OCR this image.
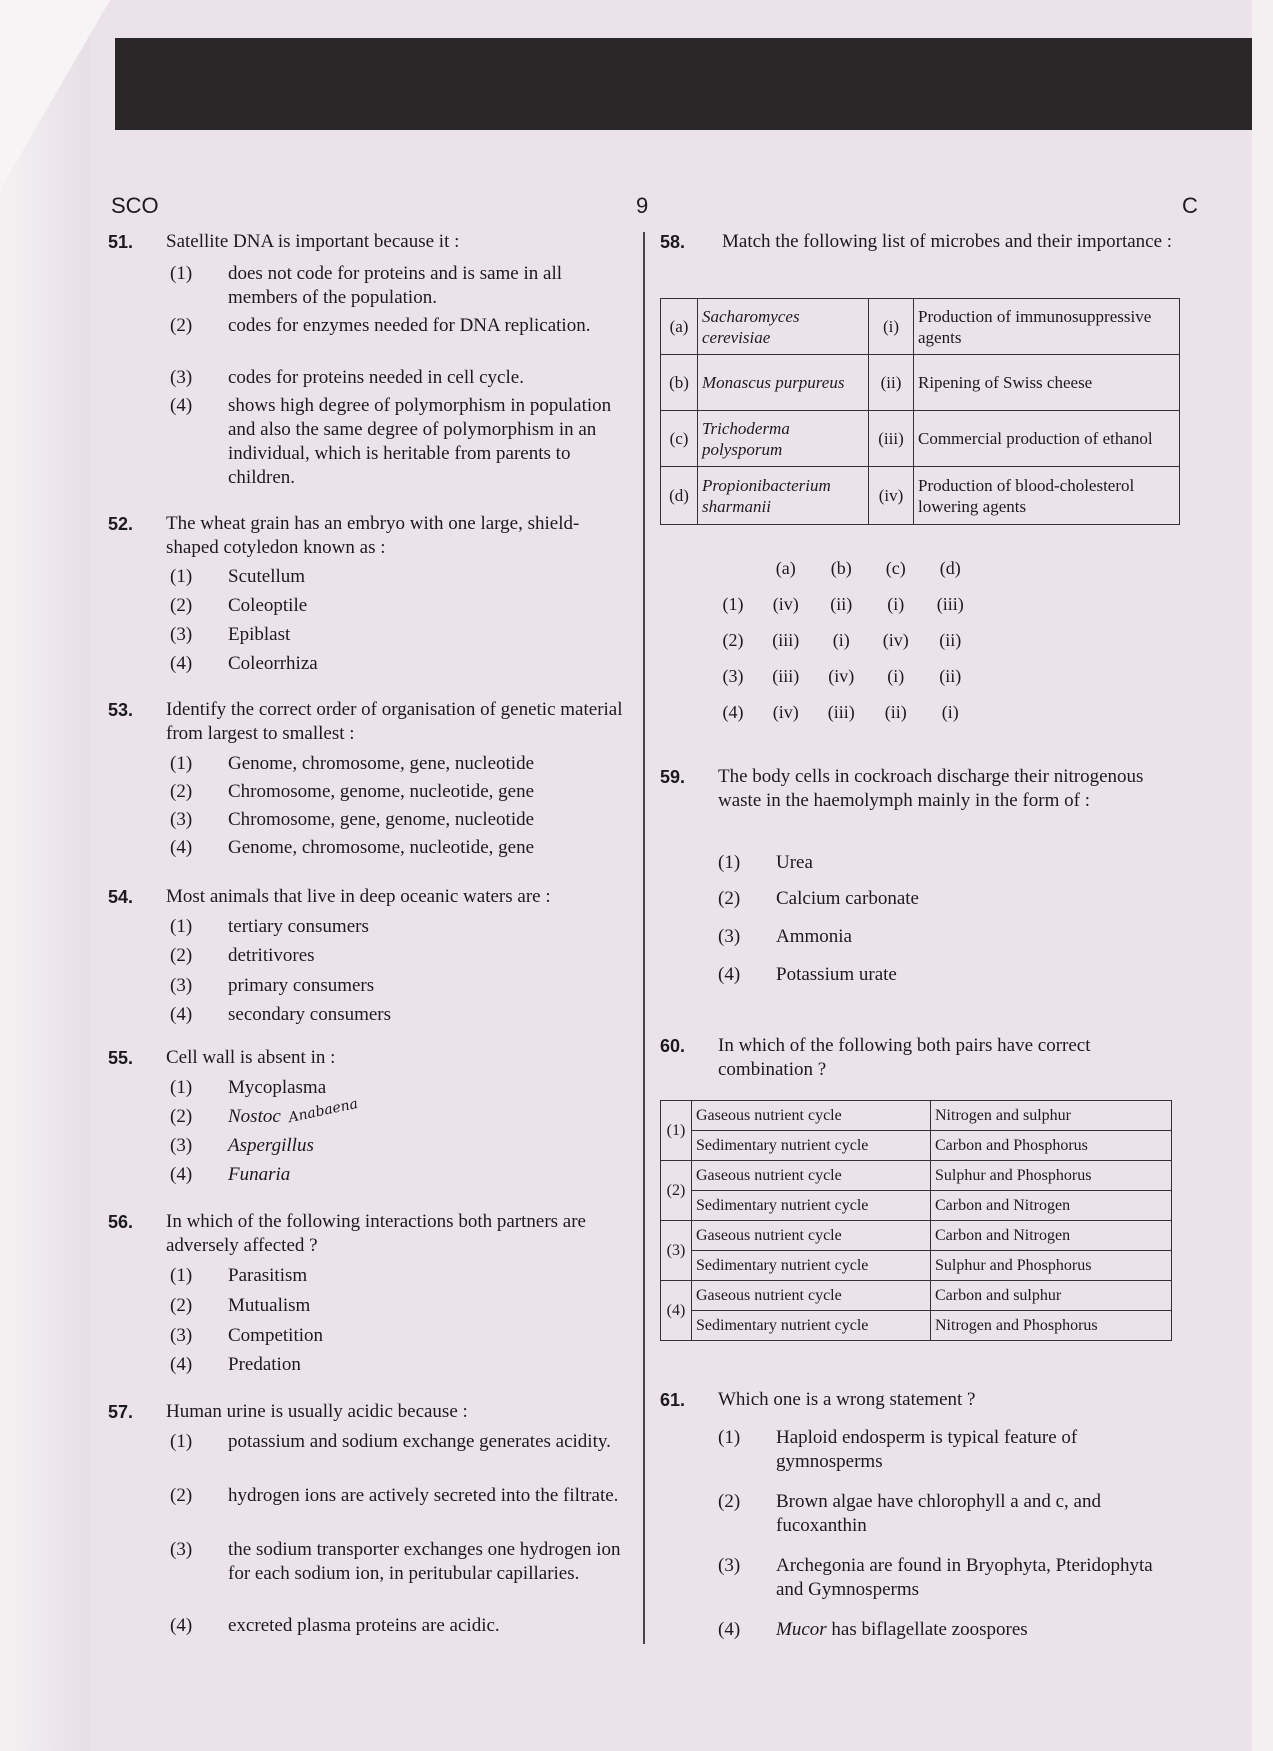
SCO	9	C
51. Satellite DNA is important because it :
(1) does not code for proteins and is same in all members of the population.
(2) codes for enzymes needed for DNA replication.
(3) codes for proteins needed in cell cycle.
(4) shows high degree of polymorphism in population and also the same degree of polymorphism in an individual, which is heritable from parents to children.
52. The wheat grain has an embryo with one large, shield-shaped cotyledon known as :
(1) Scutellum
(2) Coleoptile
(3) Epiblast
(4) Coleorrhiza
53. Identify the correct order of organisation of genetic material from largest to smallest :
(1) Genome, chromosome, gene, nucleotide
(2) Chromosome, genome, nucleotide, gene
(3) Chromosome, gene, genome, nucleotide
(4) Genome, chromosome, nucleotide, gene
54. Most animals that live in deep oceanic waters are :
(1) tertiary consumers
(2) detritivores
(3) primary consumers
(4) secondary consumers
55. Cell wall is absent in :
(1) Mycoplasma
(2) Nostoc Anabaena
(3) Aspergillus
(4) Funaria
56. In which of the following interactions both partners are adversely affected ?
(1) Parasitism
(2) Mutualism
(3) Competition
(4) Predation
57. Human urine is usually acidic because :
(1) potassium and sodium exchange generates acidity.
(2) hydrogen ions are actively secreted into the filtrate.
(3) the sodium transporter exchanges one hydrogen ion for each sodium ion, in peritubular capillaries.
(4) excreted plasma proteins are acidic.
58. Match the following list of microbes and their importance :
(a)	Sacharomyces cerevisiae	(i)	Production of immunosuppressive agents
(b)	Monascus purpureus	(ii)	Ripening of Swiss cheese
(c)	Trichoderma polysporum	(iii)	Commercial production of ethanol
(d)	Propionibacterium sharmanii	(iv)	Production of blood-cholesterol lowering agents
	(a)	(b)	(c)	(d)
(1)	(iv)	(ii)	(i)	(iii)
(2)	(iii)	(i)	(iv)	(ii)
(3)	(iii)	(iv)	(i)	(ii)
(4)	(iv)	(iii)	(ii)	(i)
59. The body cells in cockroach discharge their nitrogenous waste in the haemolymph mainly in the form of :
(1) Urea
(2) Calcium carbonate
(3) Ammonia
(4) Potassium urate
60. In which of the following both pairs have correct combination ?
(1)	Gaseous nutrient cycle	Nitrogen and sulphur
	Sedimentary nutrient cycle	Carbon and Phosphorus
(2)	Gaseous nutrient cycle	Sulphur and Phosphorus
	Sedimentary nutrient cycle	Carbon and Nitrogen
(3)	Gaseous nutrient cycle	Carbon and Nitrogen
	Sedimentary nutrient cycle	Sulphur and Phosphorus
(4)	Gaseous nutrient cycle	Carbon and sulphur
	Sedimentary nutrient cycle	Nitrogen and Phosphorus
61. Which one is a wrong statement ?
(1) Haploid endosperm is typical feature of gymnosperms
(2) Brown algae have chlorophyll a and c, and fucoxanthin
(3) Archegonia are found in Bryophyta, Pteridophyta and Gymnosperms
(4) Mucor has biflagellate zoospores
